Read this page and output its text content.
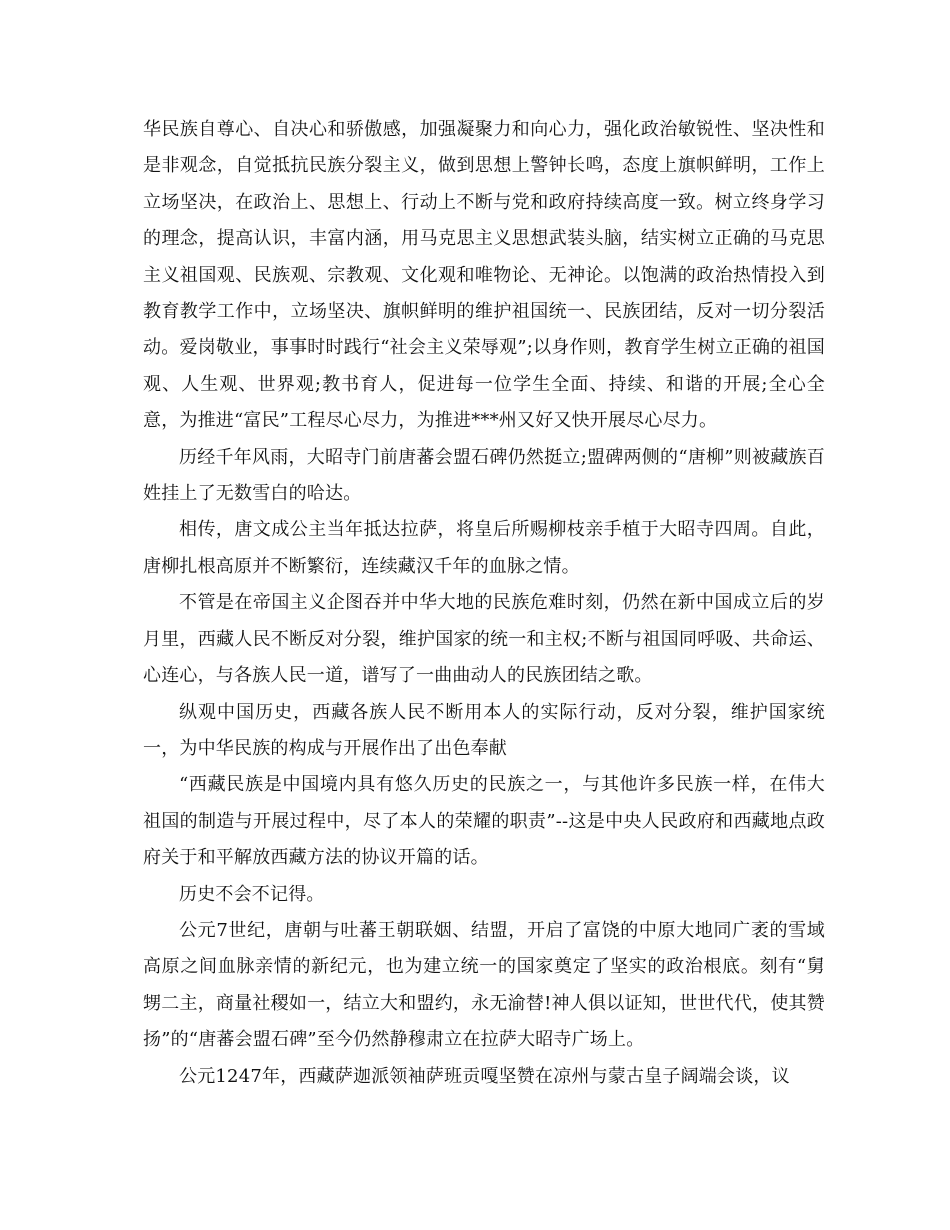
华民族自尊心、自决心和骄傲感，加强凝聚力和向心力，强化政治敏锐性、坚决性和是非观念，自觉抵抗民族分裂主义，做到思想上警钟长鸣，态度上旗帜鲜明，工作上立场坚决，在政治上、思想上、行动上不断与党和政府持续高度一致。树立终身学习的理念，提高认识，丰富内涵，用马克思主义思想武装头脑，结实树立正确的马克思主义祖国观、民族观、宗教观、文化观和唯物论、无神论。以饱满的政治热情投入到教育教学工作中，立场坚决、旗帜鲜明的维护祖国统一、民族团结，反对一切分裂活动。爱岗敬业，事事时时践行“社会主义荣辱观”;以身作则，教育学生树立正确的祖国观、人生观、世界观;教书育人，促进每一位学生全面、持续、和谐的开展;全心全意，为推进“富民”工程尽心尽力，为推进***州又好又快开展尽心尽力。

历经千年风雨，大昭寺门前唐蕃会盟石碑仍然挺立;盟碑两侧的“唐柳”则被藏族百姓挂上了无数雪白的哈达。

相传，唐文成公主当年抵达拉萨，将皇后所赐柳枝亲手植于大昭寺四周。自此，唐柳扎根高原并不断繁衍，连续藏汉千年的血脉之情。

不管是在帝国主义企图吞并中华大地的民族危难时刻，仍然在新中国成立后的岁月里，西藏人民不断反对分裂，维护国家的统一和主权;不断与祖国同呼吸、共命运、心连心，与各族人民一道，谱写了一曲曲动人的民族团结之歌。

纵观中国历史，西藏各族人民不断用本人的实际行动，反对分裂，维护国家统一，为中华民族的构成与开展作出了出色奉献

“西藏民族是中国境内具有悠久历史的民族之一，与其他许多民族一样，在伟大祖国的制造与开展过程中，尽了本人的荣耀的职责”--这是中央人民政府和西藏地点政府关于和平解放西藏方法的协议开篇的话。

历史不会不记得。

公元7世纪，唐朝与吐蕃王朝联姻、结盟，开启了富饶的中原大地同广袤的雪域高原之间血脉亲情的新纪元，也为建立统一的国家奠定了坚实的政治根底。刻有“舅甥二主，商量社稷如一，结立大和盟约，永无渝替!神人俱以证知，世世代代，使其赞扬”的“唐蕃会盟石碑”至今仍然静穆肃立在拉萨大昭寺广场上。

公元1247年，西藏萨迦派领袖萨班贡嘎坚赞在凉州与蒙古皇子阔端会谈，议
